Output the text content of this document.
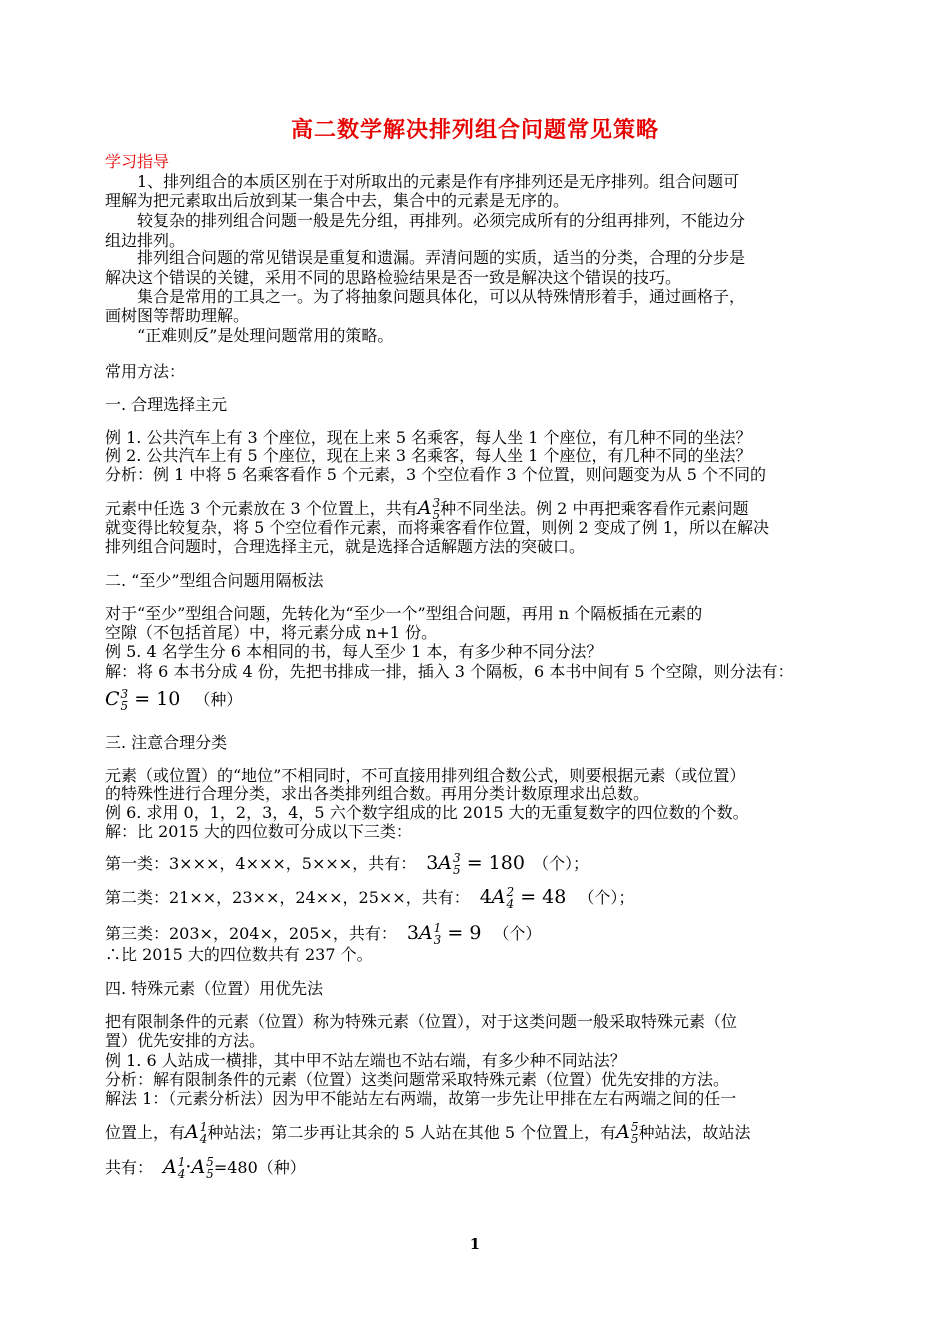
高二数学解决排列组合问题常见策略
学习指导
1、排列组合的本质区别在于对所取出的元素是作有序排列还是无序排列。组合问题可
理解为把元素取出后放到某一集合中去，集合中的元素是无序的。
较复杂的排列组合问题一般是先分组，再排列。必须完成所有的分组再排列，不能边分
组边排列。
排列组合问题的常见错误是重复和遗漏。弄清问题的实质，适当的分类，合理的分步是
解决这个错误的关键，采用不同的思路检验结果是否一致是解决这个错误的技巧。
集合是常用的工具之一。为了将抽象问题具体化，可以从特殊情形着手，通过画格子，
画树图等帮助理解。
“正难则反”是处理问题常用的策略。
常用方法：
一. 合理选择主元
例 1. 公共汽车上有 3 个座位，现在上来 5 名乘客，每人坐 1 个座位，有几种不同的坐法？
例 2. 公共汽车上有 5 个座位，现在上来 3 名乘客，每人坐 1 个座位，有几种不同的坐法？
分析：例 1 中将 5 名乘客看作 5 个元素，3 个空位看作 3 个位置，则问题变为从 5 个不同的
元素中任选 3 个元素放在 3 个位置上，共有A 3
5 种不同坐法。例 2 中再把乘客看作元素问题
就变得比较复杂，将 5 个空位看作元素，而将乘客看作位置，则例 2 变成了例 1，所以在解决
排列组合问题时，合理选择主元，就是选择合适解题方法的突破口。
二. “至少”型组合问题用隔板法
对于“至少”型组合问题，先转化为“至少一个”型组合问题，再用 n 个隔板插在元素的
空隙（不包括首尾）中，将元素分成 n+1 份。
例 5. 4 名学生分 6 本相同的书，每人至少 1 本，有多少种不同分法？
解：将 6 本书分成 4 份，先把书排成一排，插入 3 个隔板，6 本书中间有 5 个空隙，则分法有：
C 3
5 = 10 （种）
三. 注意合理分类
元素（或位置）的“地位”不相同时，不可直接用排列组合数公式，则要根据元素（或位置）
的特殊性进行合理分类，求出各类排列组合数。再用分类计数原理求出总数。
例 6. 求用 0，1，2，3，4，5 六个数字组成的比 2015 大的无重复数字的四位数的个数。
解：比 2015 大的四位数可分成以下三类：
第一类：3×××，4×××，5×××，共有： 3A 3
5 = 180 （个）；
第二类：21××，23××，24××，25××，共有： 4A 2
4 = 48 （个）；
第三类：203×，204×，205×，共有： 3A 1
3 = 9 （个）
∴比 2015 大的四位数共有 237 个。
四. 特殊元素（位置）用优先法
把有限制条件的元素（位置）称为特殊元素（位置），对于这类问题一般采取特殊元素（位
置）优先安排的方法。
例 1. 6 人站成一横排，其中甲不站左端也不站右端，有多少种不同站法？
分析：解有限制条件的元素（位置）这类问题常采取特殊元素（位置）优先安排的方法。
解法 1：（元素分析法）因为甲不能站左右两端，故第一步先让甲排在左右两端之间的任一
位置上，有A 1
4 种站法；第二步再让其余的 5 人站在其他 5 个位置上，有A 5
5 种站法，故站法
共有： A 1
4 ·A 5
5 =480（种）
1
